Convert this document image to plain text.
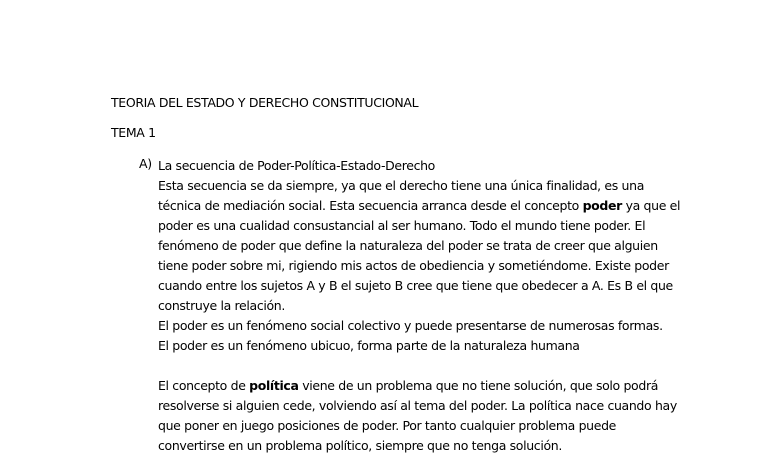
TEORIA DEL ESTADO Y DERECHO CONSTITUCIONAL
TEMA 1
A) La secuencia de Poder-Política-Estado-Derecho
Esta secuencia se da siempre, ya que el derecho tiene una única finalidad, es una
técnica de mediación social. Esta secuencia arranca desde el concepto poder ya que el
poder es una cualidad consustancial al ser humano. Todo el mundo tiene poder. El
fenómeno de poder que define la naturaleza del poder se trata de creer que alguien
tiene poder sobre mi, rigiendo mis actos de obediencia y sometiéndome. Existe poder
cuando entre los sujetos A y B el sujeto B cree que tiene que obedecer a A. Es B el que
construye la relación.
El poder es un fenómeno social colectivo y puede presentarse de numerosas formas.
El poder es un fenómeno ubicuo, forma parte de la naturaleza humana
El concepto de política viene de un problema que no tiene solución, que solo podrá
resolverse si alguien cede, volviendo así al tema del poder. La política nace cuando hay
que poner en juego posiciones de poder. Por tanto cualquier problema puede
convertirse en un problema político, siempre que no tenga solución.
